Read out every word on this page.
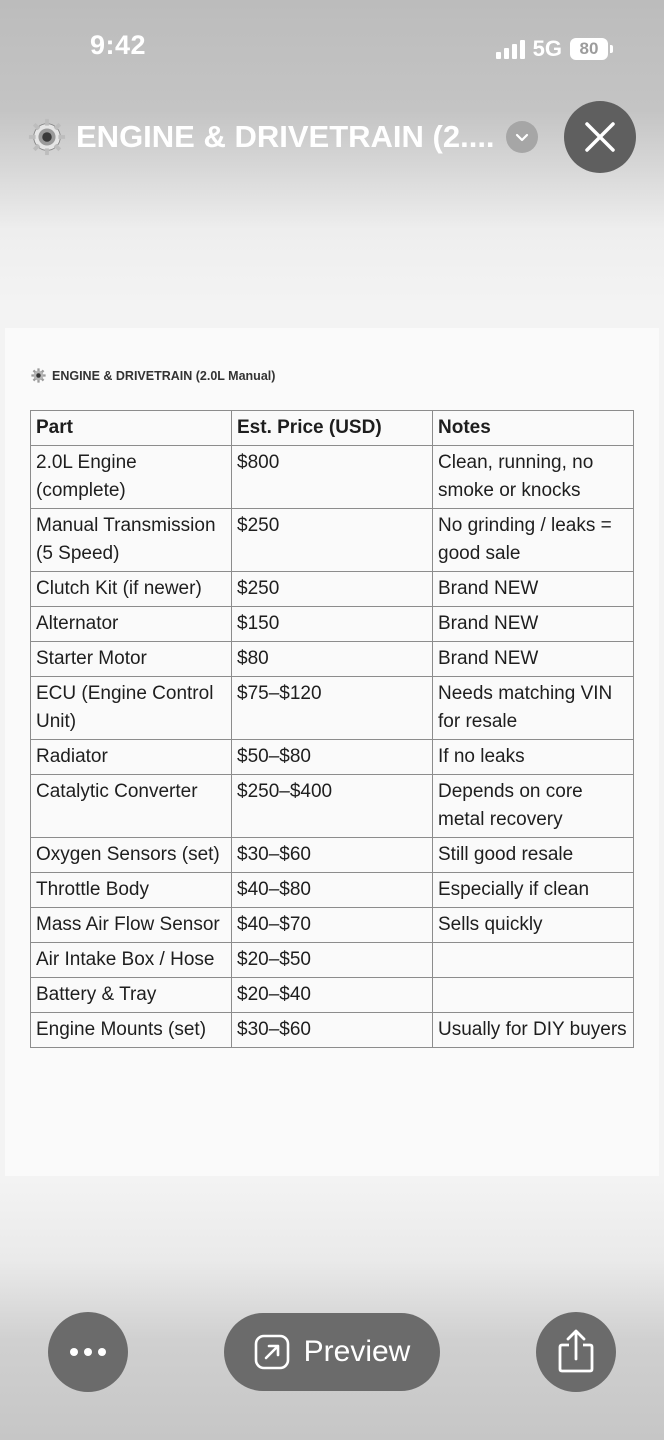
9:42	5G 80
ENGINE & DRIVETRAIN (2....
ENGINE & DRIVETRAIN (2.0L Manual)
Part	Est. Price (USD)	Notes
2.0L Engine (complete)	$800	Clean, running, no smoke or knocks
Manual Transmission (5 Speed)	$250	No grinding / leaks = good sale
Clutch Kit (if newer)	$250	Brand NEW
Alternator	$150	Brand NEW
Starter Motor	$80	Brand NEW
ECU (Engine Control Unit)	$75–$120	Needs matching VIN for resale
Radiator	$50–$80	If no leaks
Catalytic Converter	$250–$400	Depends on core metal recovery
Oxygen Sensors (set)	$30–$60	Still good resale
Throttle Body	$40–$80	Especially if clean
Mass Air Flow Sensor	$40–$70	Sells quickly
Air Intake Box / Hose	$20–$50	
Battery & Tray	$20–$40	
Engine Mounts (set)	$30–$60	Usually for DIY buyers
Preview
